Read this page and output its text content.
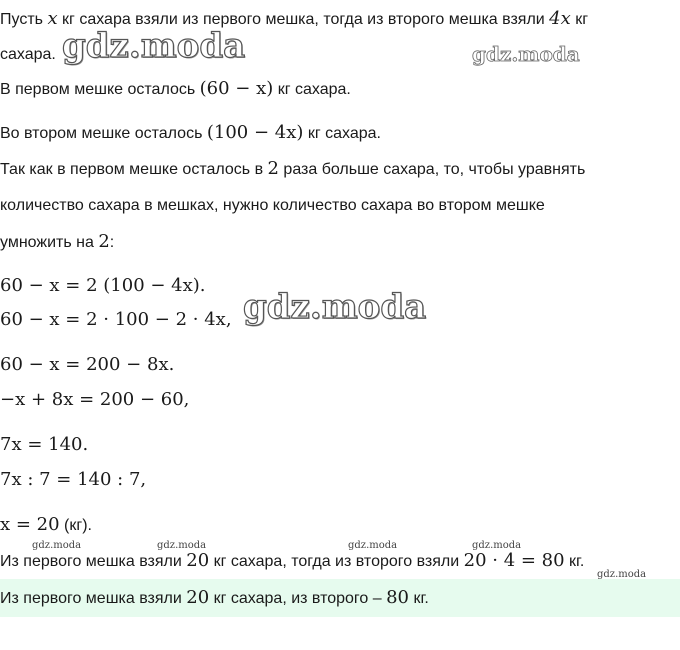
Пусть x кг сахара взяли из первого мешка, тогда из второго мешка взяли 4x кг
сахара.
В первом мешке осталось (60 − x) кг сахара.
Во втором мешке осталось (100 − 4x) кг сахара.
Так как в первом мешке осталось в 2 раза больше сахара, то, чтобы уравнять
количество сахара в мешках, нужно количество сахара во втором мешке
умножить на 2:
60 − x = 2 (100 − 4x).
60 − x = 2 · 100 − 2 · 4x,
60 − x = 200 − 8x.
−x + 8x = 200 − 60,
7x = 140.
7x : 7 = 140 : 7,
x = 20 (кг).
Из первого мешка взяли 20 кг сахара, тогда из второго взяли 20 · 4 = 80 кг.
Из первого мешка взяли 20 кг сахара, из второго – 80 кг.
gdz.moda	gdz.moda
gdz.moda
gdz.moda	gdz.moda	gdz.moda	gdz.moda
gdz.moda
